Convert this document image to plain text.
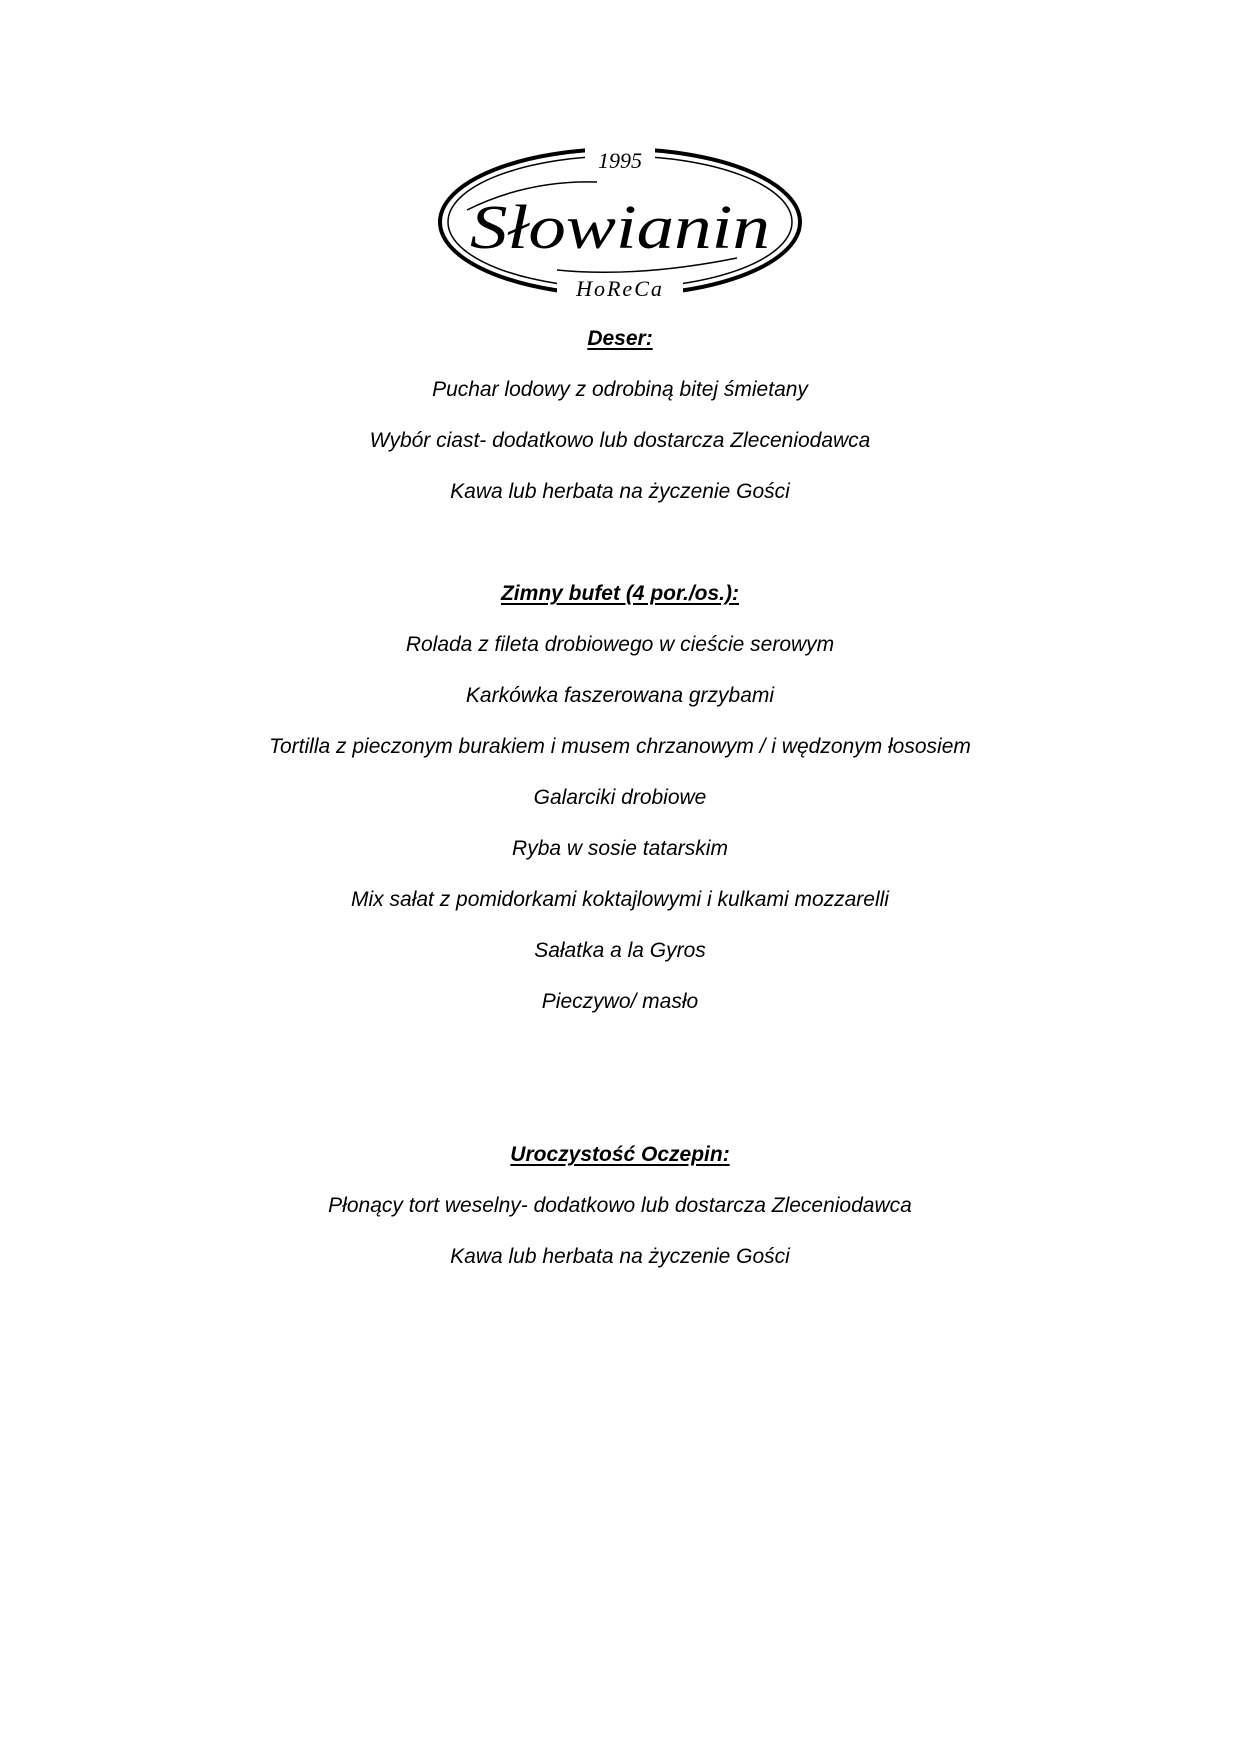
1995
Słowianin
HoReCa
Deser:
Puchar lodowy z odrobiną bitej śmietany
Wybór ciast- dodatkowo lub dostarcza Zleceniodawca
Kawa lub herbata na życzenie Gości
Zimny bufet (4 por./os.):
Rolada z fileta drobiowego w cieście serowym
Karkówka faszerowana grzybami
Tortilla z pieczonym burakiem i musem chrzanowym / i wędzonym łososiem
Galarciki drobiowe
Ryba w sosie tatarskim
Mix sałat z pomidorkami koktajlowymi i kulkami mozzarelli
Sałatka a la Gyros
Pieczywo/ masło
Uroczystość Oczepin:
Płonący tort weselny- dodatkowo lub dostarcza Zleceniodawca
Kawa lub herbata na życzenie Gości
